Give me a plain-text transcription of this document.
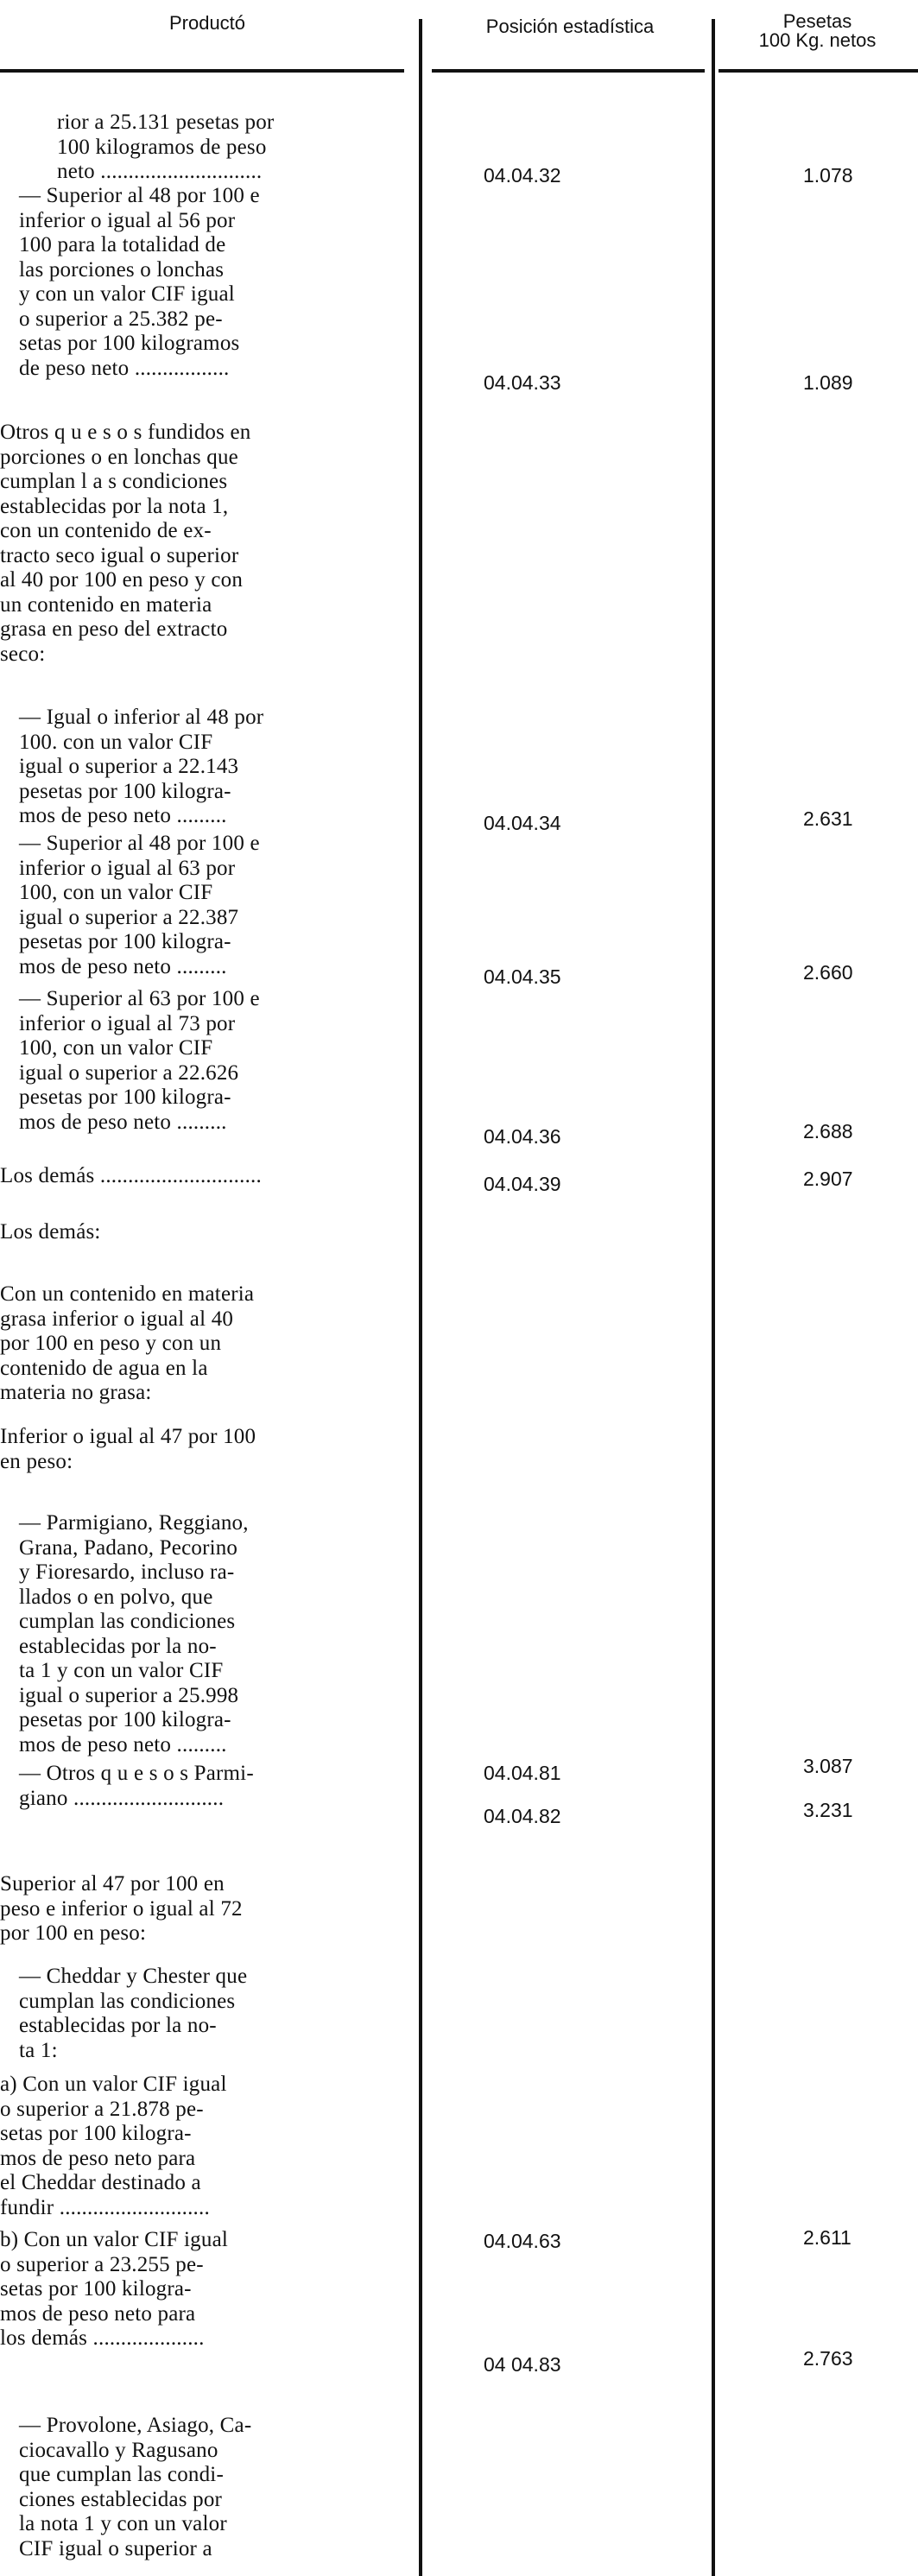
Productó	Posición estadística	Pesetas
100 Kg. netos
rior a 25.131 pesetas por
100 kilogramos de peso
neto .............................	04.04.32	1.078
— Superior al 48 por 100 e
inferior o igual al 56 por
100 para la totalidad de
las porciones o lonchas
y con un valor CIF igual
o superior a 25.382 pe-
setas por 100 kilogramos
de peso neto .................
04.04.33	1.089
Otros q u e s o s fundidos en
porciones o en lonchas que
cumplan l a s condiciones
establecidas por la nota 1,
con un contenido de ex-
tracto seco igual o superior
al 40 por 100 en peso y con
un contenido en materia
grasa en peso del extracto
seco:
— Igual o inferior al 48 por
100. con un valor CIF
igual o superior a 22.143
pesetas por 100 kilogra-
mos de peso neto .........	04.04.34	2.631
— Superior al 48 por 100 e
inferior o igual al 63 por
100, con un valor CIF
igual o superior a 22.387
pesetas por 100 kilogra-
mos de peso neto .........	04.04.35	2.660
— Superior al 63 por 100 e
inferior o igual al 73 por
100, con un valor CIF
igual o superior a 22.626
pesetas por 100 kilogra-
mos de peso neto .........
04.04.36	2.688
Los demás .............................	04.04.39	2.907
Los demás:
Con un contenido en materia
grasa inferior o igual al 40
por 100 en peso y con un
contenido de agua en la
materia no grasa:
Inferior o igual al 47 por 100
en peso:
— Parmigiano, Reggiano,
Grana, Padano, Pecorino
y Fioresardo, incluso ra-
llados o en polvo, que
cumplan las condiciones
establecidas por la no-
ta 1 y con un valor CIF
igual o superior a 25.998
pesetas por 100 kilogra-
mos de peso neto .........
04.04.81	3.087
— Otros q u e s o s Parmi-
giano ...........................
04.04.82	3.231
Superior al 47 por 100 en
peso e inferior o igual al 72
por 100 en peso:
— Cheddar y Chester que
cumplan las condiciones
establecidas por la no-
ta 1:
a) Con un valor CIF igual
o superior a 21.878 pe-
setas por 100 kilogra-
mos de peso neto para
el Cheddar destinado a
fundir ...........................
04.04.63	2.611
b) Con un valor CIF igual
o superior a 23.255 pe-
setas por 100 kilogra-
mos de peso neto para
los demás ....................
04 04.83	2.763
— Provolone, Asiago, Ca-
ciocavallo y Ragusano
que cumplan las condi-
ciones establecidas por
la nota 1 y con un valor
CIF igual o superior a
